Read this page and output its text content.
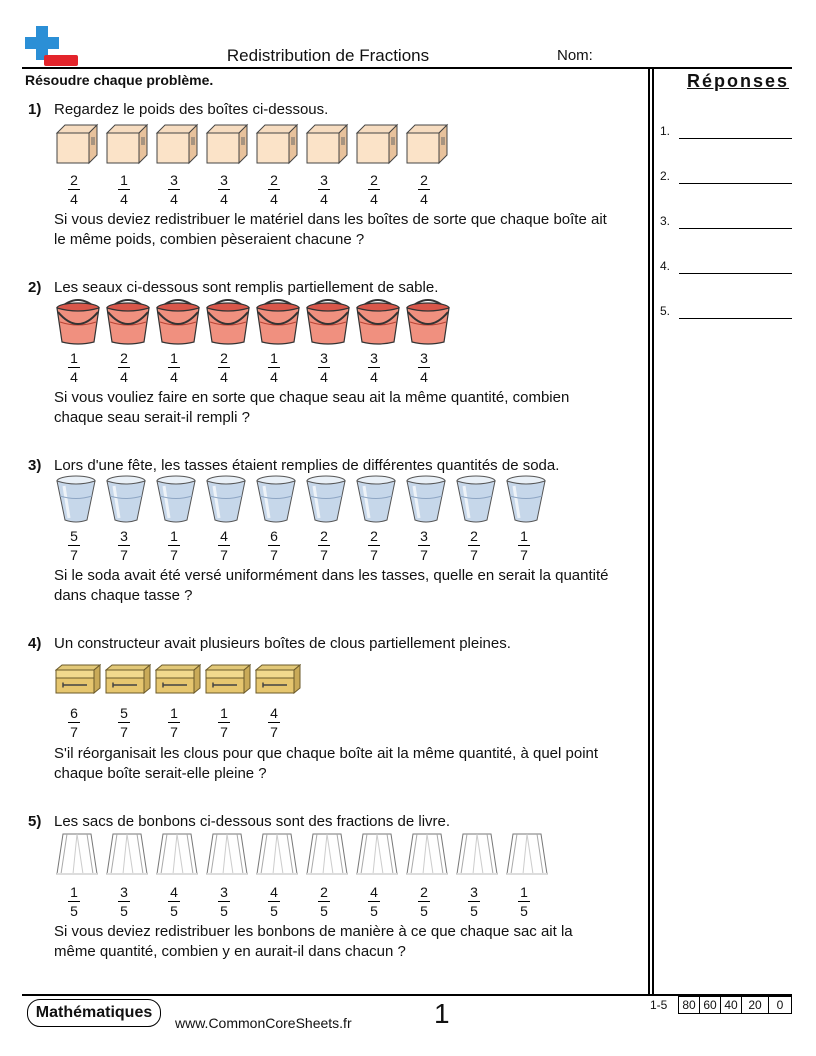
Redistribution de Fractions	Nom:
Résoudre chaque problème.	Réponses
1.
2.
3.
4.
5.
1) Regardez le poids des boîtes ci-dessous.
Si vous deviez redistribuer le matériel dans les boîtes de sorte que chaque boîte ait
le même poids, combien pèseraient chacune ?
2) Les seaux ci-dessous sont remplis partiellement de sable.
Si vous vouliez faire en sorte que chaque seau ait la même quantité, combien
chaque seau serait-il rempli ?
3) Lors d'une fête, les tasses étaient remplies de différentes quantités de soda.
Si le soda avait été versé uniformément dans les tasses, quelle en serait la quantité
dans chaque tasse ?
4) Un constructeur avait plusieurs boîtes de clous partiellement pleines.
S'il réorganisait les clous pour que chaque boîte ait la même quantité, à quel point
chaque boîte serait-elle pleine ?
5) Les sacs de bonbons ci-dessous sont des fractions de livre.
Si vous deviez redistribuer les bonbons de manière à ce que chaque sac ait la
même quantité, combien y en aurait-il dans chacun ?
2
4
1
4
3
4
3
4
2
4
3
4
2
4
2
4
1
4
2
4
1
4
2
4
1
4
3
4
3
4
3
4
5
7
3
7
1
7
4
7
6
7
2
7
2
7
3
7
2
7
1
7
6
7
5
7
1
7
1
7
4
7
1
5
3
5
4
5
3
5
4
5
2
5
4
5
2
5
3
5
1
5
Mathématiques
www.CommonCoreSheets.fr	1	1-5	80 60 40 20	0
